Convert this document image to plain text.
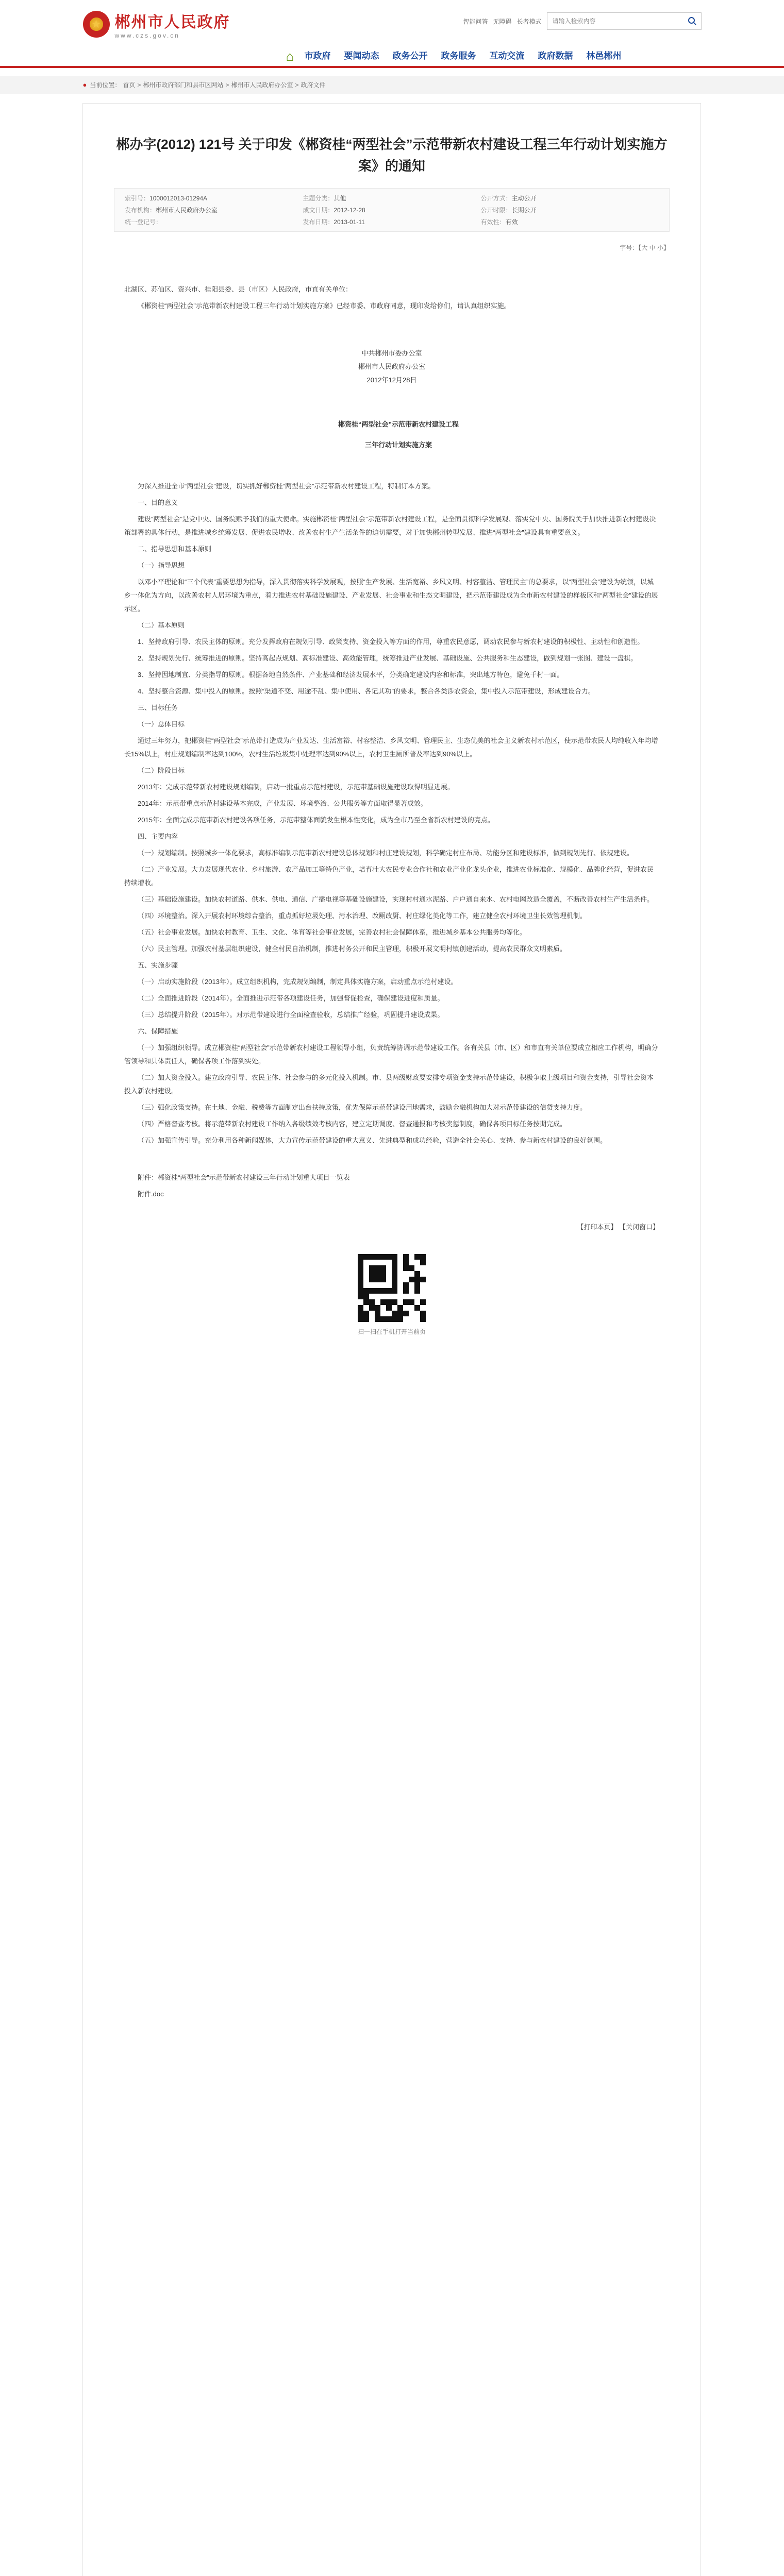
★ 郴州市人民政府
www.czs.gov.cn
智能问答 无障碍 长者模式
请输入检索内容
⌂	市政府 要闻动态 政务公开 政务服务 互动交流 政府数据 林邑郴州
● 当前位置： 首页 > 郴州市政府部门和县市区网站 > 郴州市人民政府办公室 > 政府文件
郴办字(2012) 121号 关于印发《郴资桂“两型社会”示范带新农村建设工程三年行动计划实施方案》的通知
索引号：1000012013-01294A	主题分类：其他	公开方式：主动公开
发布机构：郴州市人民政府办公室	成文日期：2012-12-28	公开时限：长期公开
统一登记号：	发布日期：2013-01-11	有效性：有效
字号：【大 中 小】

北湖区、苏仙区、资兴市、桂阳县委、县（市区）人民政府，市直有关单位：

《郴资桂“两型社会”示范带新农村建设工程三年行动计划实施方案》已经市委、市政府同意，现印发给你们，请认真组织实施。

中共郴州市委办公室

郴州市人民政府办公室

2012年12月28日

郴资桂“两型社会”示范带新农村建设工程

三年行动计划实施方案

为深入推进全市“两型社会”建设，切实抓好郴资桂“两型社会”示范带新农村建设工程，特制订本方案。

一、目的意义

建设“两型社会”是党中央、国务院赋予我们的重大使命。实施郴资桂“两型社会”示范带新农村建设工程，是全面贯彻科学发展观、落实党中央、国务院关于加快推进新农村建设决策部署的具体行动，是推进城乡统筹发展、促进农民增收、改善农村生产生活条件的迫切需要，对于加快郴州转型发展、推进“两型社会”建设具有重要意义。

二、指导思想和基本原则

（一）指导思想

以邓小平理论和“三个代表”重要思想为指导，深入贯彻落实科学发展观，按照“生产发展、生活宽裕、乡风文明、村容整洁、管理民主”的总要求，以“两型社会”建设为统领，以城乡一体化为方向，以改善农村人居环境为重点，着力推进农村基础设施建设、产业发展、社会事业和生态文明建设，把示范带建设成为全市新农村建设的样板区和“两型社会”建设的展示区。

（二）基本原则

1、坚持政府引导、农民主体的原则。充分发挥政府在规划引导、政策支持、资金投入等方面的作用，尊重农民意愿，调动农民参与新农村建设的积极性、主动性和创造性。

2、坚持规划先行、统筹推进的原则。坚持高起点规划、高标准建设、高效能管理，统筹推进产业发展、基础设施、公共服务和生态建设，做到规划一张图、建设一盘棋。

3、坚持因地制宜、分类指导的原则。根据各地自然条件、产业基础和经济发展水平，分类确定建设内容和标准，突出地方特色，避免千村一面。

4、坚持整合资源、集中投入的原则。按照“渠道不变、用途不乱、集中使用、各记其功”的要求，整合各类涉农资金，集中投入示范带建设，形成建设合力。

三、目标任务

（一）总体目标

通过三年努力，把郴资桂“两型社会”示范带打造成为产业发达、生活富裕、村容整洁、乡风文明、管理民主、生态优美的社会主义新农村示范区，使示范带农民人均纯收入年均增长15%以上，村庄规划编制率达到100%，农村生活垃圾集中处理率达到90%以上，农村卫生厕所普及率达到90%以上。

（二）阶段目标

2013年：完成示范带新农村建设规划编制，启动一批重点示范村建设，示范带基础设施建设取得明显进展。

2014年：示范带重点示范村建设基本完成，产业发展、环境整治、公共服务等方面取得显著成效。

2015年：全面完成示范带新农村建设各项任务，示范带整体面貌发生根本性变化，成为全市乃至全省新农村建设的亮点。

四、主要内容

（一）规划编制。按照城乡一体化要求，高标准编制示范带新农村建设总体规划和村庄建设规划，科学确定村庄布局、功能分区和建设标准，做到规划先行、依规建设。

（二）产业发展。大力发展现代农业、乡村旅游、农产品加工等特色产业，培育壮大农民专业合作社和农业产业化龙头企业，推进农业标准化、规模化、品牌化经营，促进农民持续增收。

（三）基础设施建设。加快农村道路、供水、供电、通信、广播电视等基础设施建设，实现村村通水泥路、户户通自来水、农村电网改造全覆盖，不断改善农村生产生活条件。

（四）环境整治。深入开展农村环境综合整治，重点抓好垃圾处理、污水治理、改厕改厨、村庄绿化美化等工作，建立健全农村环境卫生长效管理机制。

（五）社会事业发展。加快农村教育、卫生、文化、体育等社会事业发展，完善农村社会保障体系，推进城乡基本公共服务均等化。

（六）民主管理。加强农村基层组织建设，健全村民自治机制，推进村务公开和民主管理，积极开展文明村镇创建活动，提高农民群众文明素质。

五、实施步骤

（一）启动实施阶段（2013年）。成立组织机构，完成规划编制，制定具体实施方案，启动重点示范村建设。

（二）全面推进阶段（2014年）。全面推进示范带各项建设任务，加强督促检查，确保建设进度和质量。

（三）总结提升阶段（2015年）。对示范带建设进行全面检查验收，总结推广经验，巩固提升建设成果。

六、保障措施

（一）加强组织领导。成立郴资桂“两型社会”示范带新农村建设工程领导小组，负责统筹协调示范带建设工作。各有关县（市、区）和市直有关单位要成立相应工作机构，明确分管领导和具体责任人，确保各项工作落到实处。

（二）加大资金投入。建立政府引导、农民主体、社会参与的多元化投入机制。市、县两级财政要安排专项资金支持示范带建设，积极争取上级项目和资金支持，引导社会资本投入新农村建设。

（三）强化政策支持。在土地、金融、税费等方面制定出台扶持政策，优先保障示范带建设用地需求，鼓励金融机构加大对示范带建设的信贷支持力度。

（四）严格督查考核。将示范带新农村建设工作纳入各级绩效考核内容，建立定期调度、督查通报和考核奖惩制度，确保各项目标任务按期完成。

（五）加强宣传引导。充分利用各种新闻媒体，大力宣传示范带建设的重大意义、先进典型和成功经验，营造全社会关心、支持、参与新农村建设的良好氛围。

附件：郴资桂“两型社会”示范带新农村建设三年行动计划重大项目一览表

附件.doc

【打印本页】 【关闭窗口】
扫一扫在手机打开当前页
